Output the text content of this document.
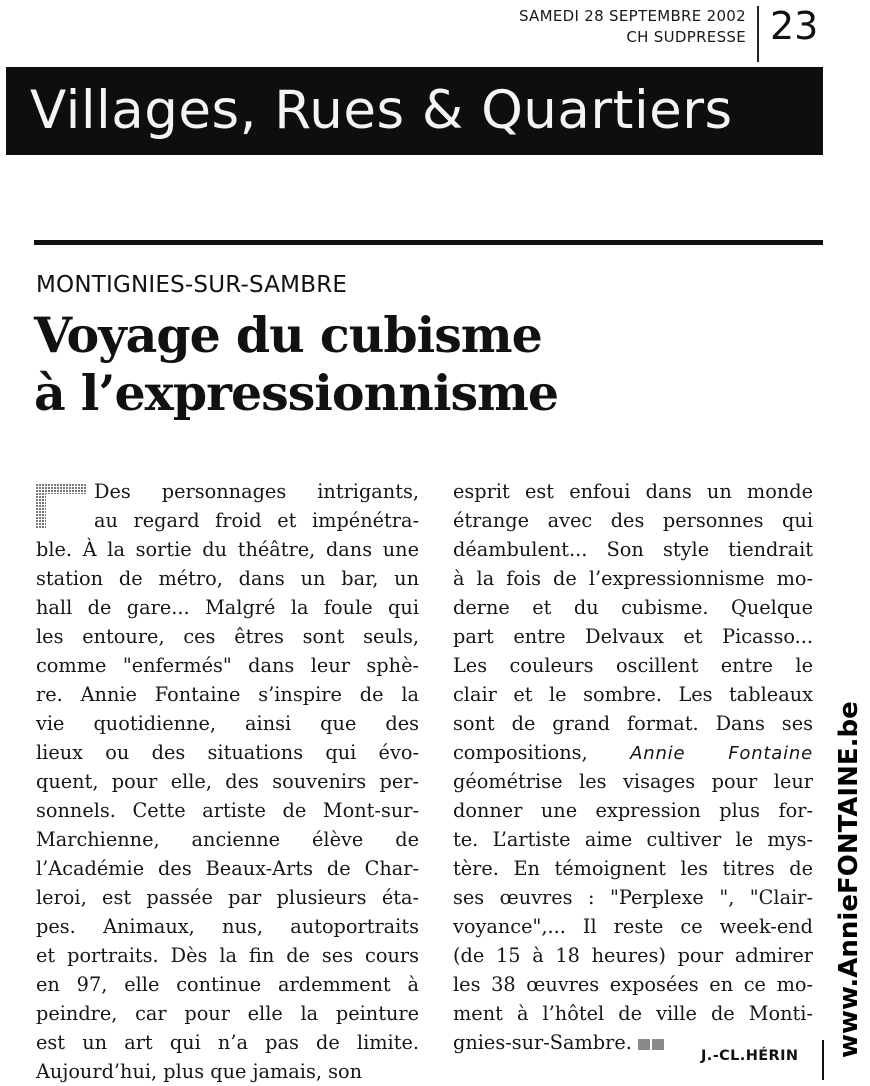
SAMEDI 28 SEPTEMBRE 2002
CH SUDPRESSE 23
Villages, Rues & Quartiers
MONTIGNIES-SUR-SAMBRE
Voyage du cubisme
à l’expressionnisme
Des personnages intrigants,
au regard froid et impénétra-
ble. À la sortie du théâtre, dans une
station de métro, dans un bar, un
hall de gare... Malgré la foule qui
les entoure, ces êtres sont seuls,
comme "enfermés" dans leur sphè-
re. Annie Fontaine s’inspire de la
vie quotidienne, ainsi que des
lieux ou des situations qui évo-
quent, pour elle, des souvenirs per-
sonnels. Cette artiste de Mont-sur-
Marchienne, ancienne élève de
l’Académie des Beaux-Arts de Char-
leroi, est passée par plusieurs éta-
pes. Animaux, nus, autoportraits
et portraits. Dès la fin de ses cours
en 97, elle continue ardemment à
peindre, car pour elle la peinture
est un art qui n’a pas de limite.
Aujourd’hui, plus que jamais, son
esprit est enfoui dans un monde
étrange avec des personnes qui
déambulent... Son style tiendrait
à la fois de l’expressionnisme mo-
derne et du cubisme. Quelque
part entre Delvaux et Picasso...
Les couleurs oscillent entre le
clair et le sombre. Les tableaux
sont de grand format. Dans ses
compositions, Annie Fontaine
géométrise les visages pour leur
donner une expression plus for-
te. L’artiste aime cultiver le mys-
tère. En témoignent les titres de
ses œuvres : "Perplexe ", "Clair-
voyance",... Il reste ce week-end
(de 15 à 18 heures) pour admirer
les 38 œuvres exposées en ce mo-
ment à l’hôtel de ville de Monti-
gnies-sur-Sambre.
J.-CL.HÉRIN www.AnnieFONTAINE.be
